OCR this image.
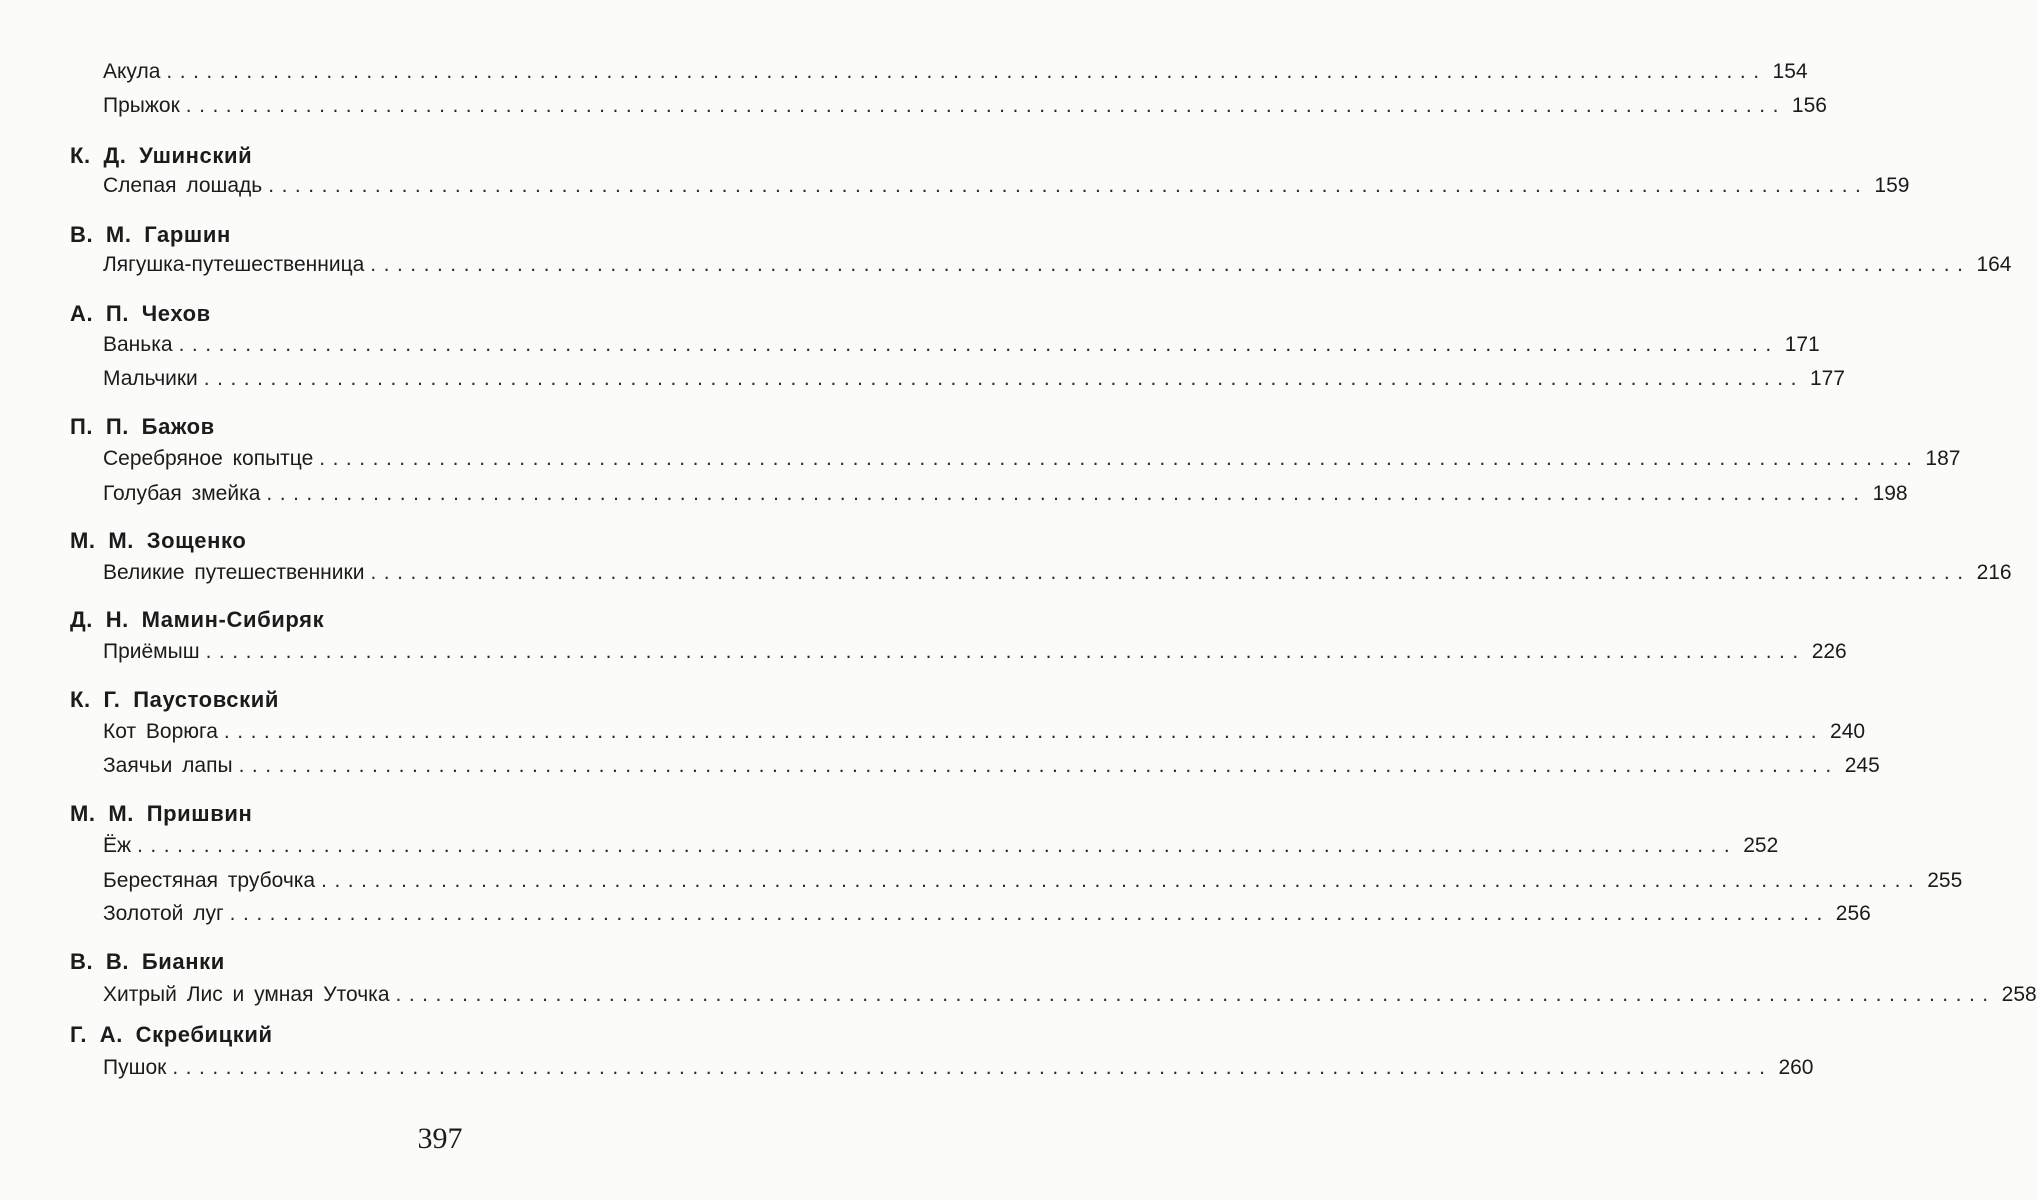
Акула ........................................................................................................................ 154
Прыжок ........................................................................................................................ 156
К. Д. Ушинский
Слепая лошадь ........................................................................................................................ 159
В. М. Гаршин
Лягушка-путешественница ........................................................................................................................ 164
А. П. Чехов
Ванька ........................................................................................................................ 171
Мальчики ........................................................................................................................ 177
П. П. Бажов
Серебряное копытце ........................................................................................................................ 187
Голубая змейка ........................................................................................................................ 198
М. М. Зощенко
Великие путешественники ........................................................................................................................ 216
Д. Н. Мамин-Сибиряк
Приёмыш ........................................................................................................................ 226
К. Г. Паустовский
Кот Ворюга ........................................................................................................................ 240
Заячьи лапы ........................................................................................................................ 245
М. М. Пришвин
Ёж ........................................................................................................................ 252
Берестяная трубочка ........................................................................................................................ 255
Золотой луг ........................................................................................................................ 256
В. В. Бианки
Хитрый Лис и умная Уточка ........................................................................................................................ 258
Г. А. Скребицкий
Пушок ........................................................................................................................ 260
397
